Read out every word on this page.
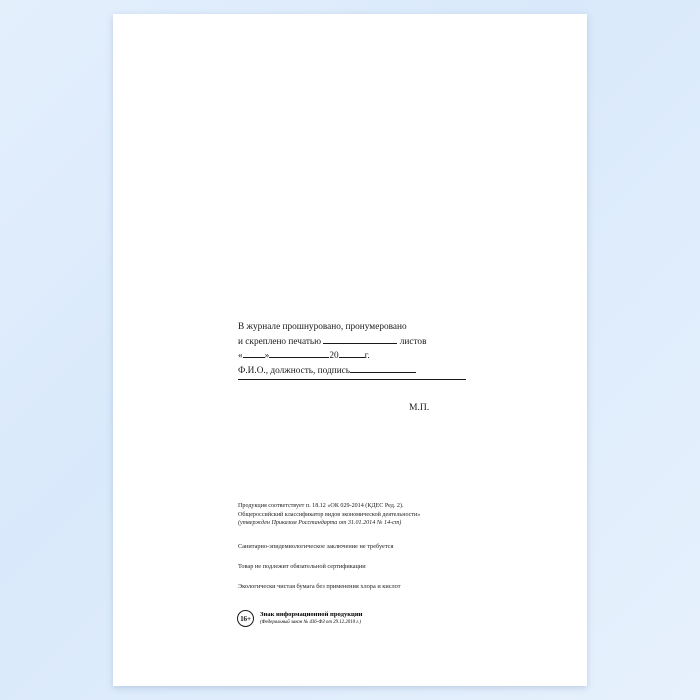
В журнале прошнуровано, пронумеровано
и скреплено печатью	листов
« »	20	г.
Ф.И.О., должность, подпись
М.П.
Продукция соответствует п. 18.12 «ОК 029-2014 (КДЕС Ред. 2).
Общероссийский классификатор видов экономической деятельности»
(утвержден Приказом Росстандарта от 31.01.2014 № 14-ст)
Санитарно-эпидемиологическое заключение не требуется
Товар не подлежит обязательной сертификации
Экологически чистая бумага без применения хлора и кислот
16+	Знак информационной продукции
(Федеральный закон № 436-ФЗ от 29.12.2010 г.)
